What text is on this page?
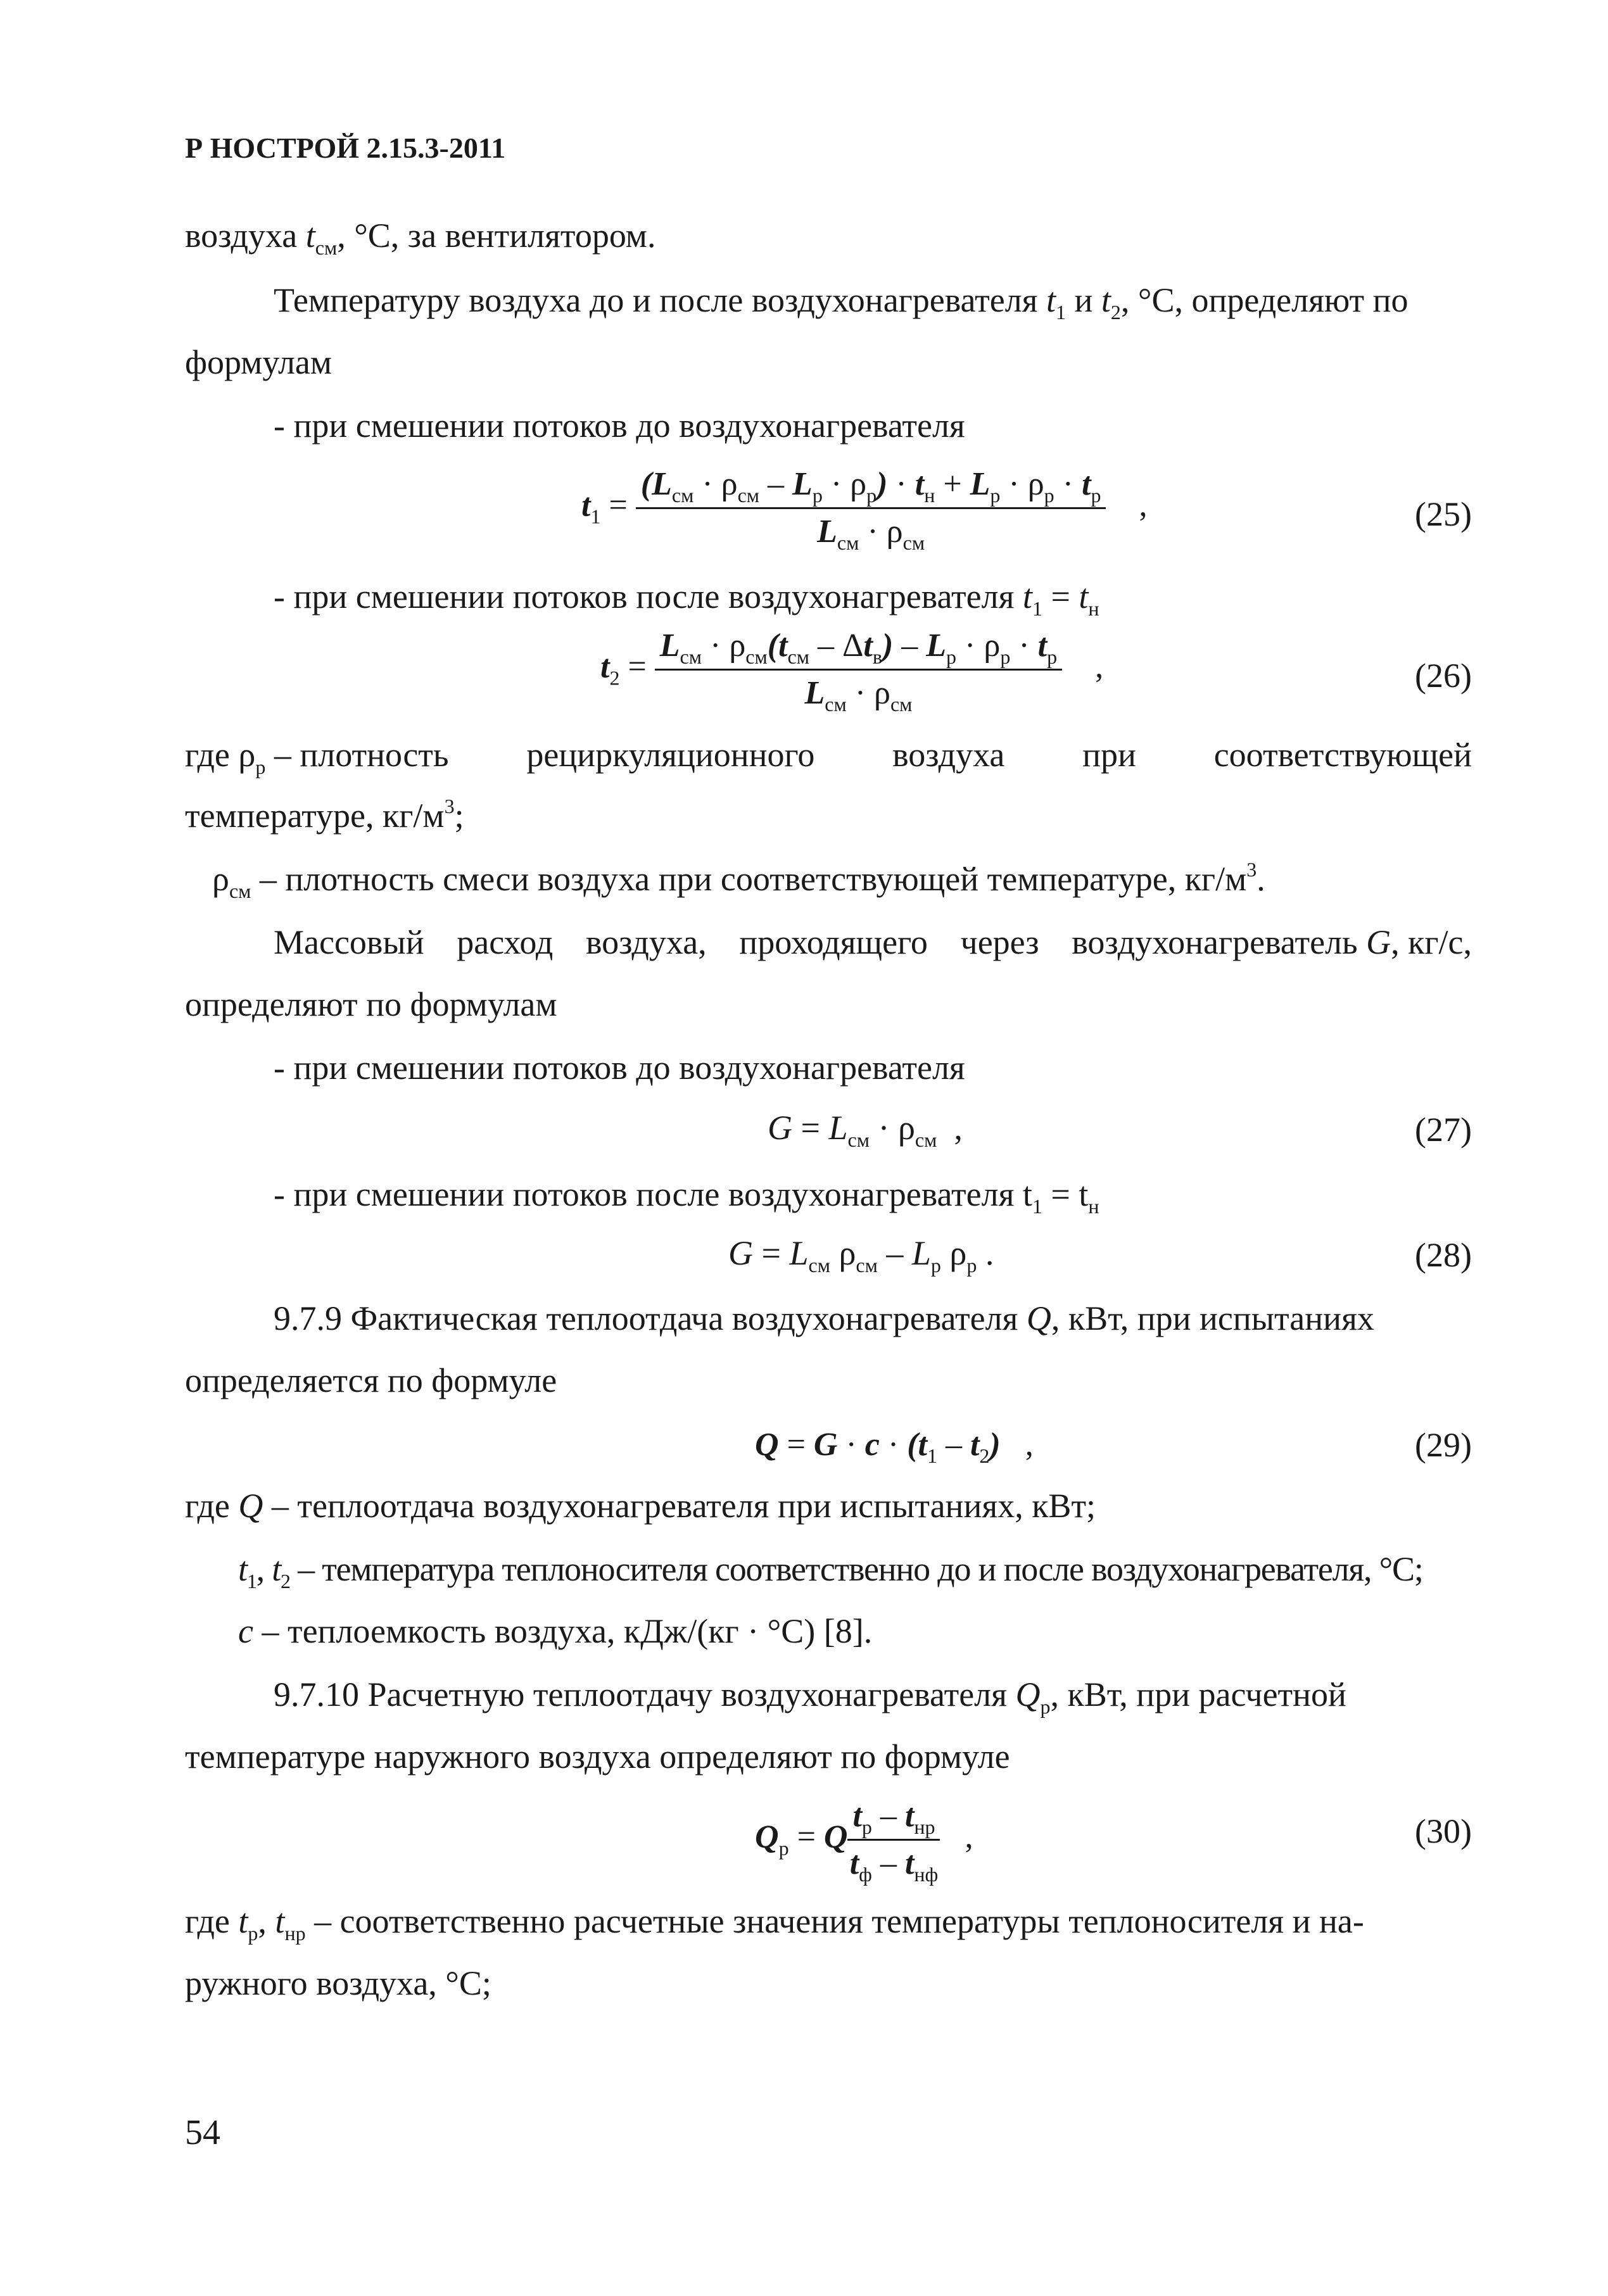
Р НОСТРОЙ 2.15.3-2011
воздуха $t_{см}$, °С, за вентилятором.
Температуру воздуха до и после воздухонагревателя $t_1$ и $t_2$, °С, определяют по
формулам
- при смешении потоков до воздухонагревателя
$t_1 = \frac{(L_{см} \cdot \rho_{см} - L_р \cdot \rho_р) \cdot t_н + L_р \cdot \rho_р \cdot t_р}{L_{см} \cdot \rho_{см}}$ ,	(25)
- при смешении потоков после воздухонагревателя $t_1 = t_н$
$t_2 = \frac{L_{см} \cdot \rho_{см}(t_{см} - \Delta t_в) - L_р \cdot \rho_р \cdot t_р}{L_{см} \cdot \rho_{см}}$ ,	(26)
где $\rho_р$ – плотность рециркуляционного воздуха при соответствующей
температуре, $кг/м^3$;
$\rho_{см}$ – плотность смеси воздуха при соответствующей температуре, $кг/м^3$.
Массовый расход воздуха, проходящего через воздухонагреватель G, кг/с,
определяют по формулам
- при смешении потоков до воздухонагревателя
$G = L_{см} \cdot \rho_{см}$  ,	(27)
- при смешении потоков после воздухонагревателя $t_1 = t_н$
$G = L_{см}$ $\rho_{см} - L_р$ $\rho_р$ .	(28)
9.7.9 Фактическая теплоотдача воздухонагревателя Q, кВт, при испытаниях
определяется по формуле
$Q = G \cdot c \cdot (t_1 - t_2)$   ,	(29)
где Q – теплоотдача воздухонагревателя при испытаниях, кВт;
$t_1$, $t_2$ – температура теплоносителя соответственно до и после воздухонагревателя, °С;
с – теплоемкость воздуха, кДж/(кг · °С) [8].
9.7.10 Расчетную теплоотдачу воздухонагревателя $Q_р$, кВт, при расчетной
температуре наружного воздуха определяют по формуле
$Q_р = Q \frac{t_р - t_{нр}}{t_ф - t_{нф}}$ ,	(30)
где $t_р$, $t_{нр}$ – соответственно расчетные значения температуры теплоносителя и на-
ружного воздуха, °С;
54
